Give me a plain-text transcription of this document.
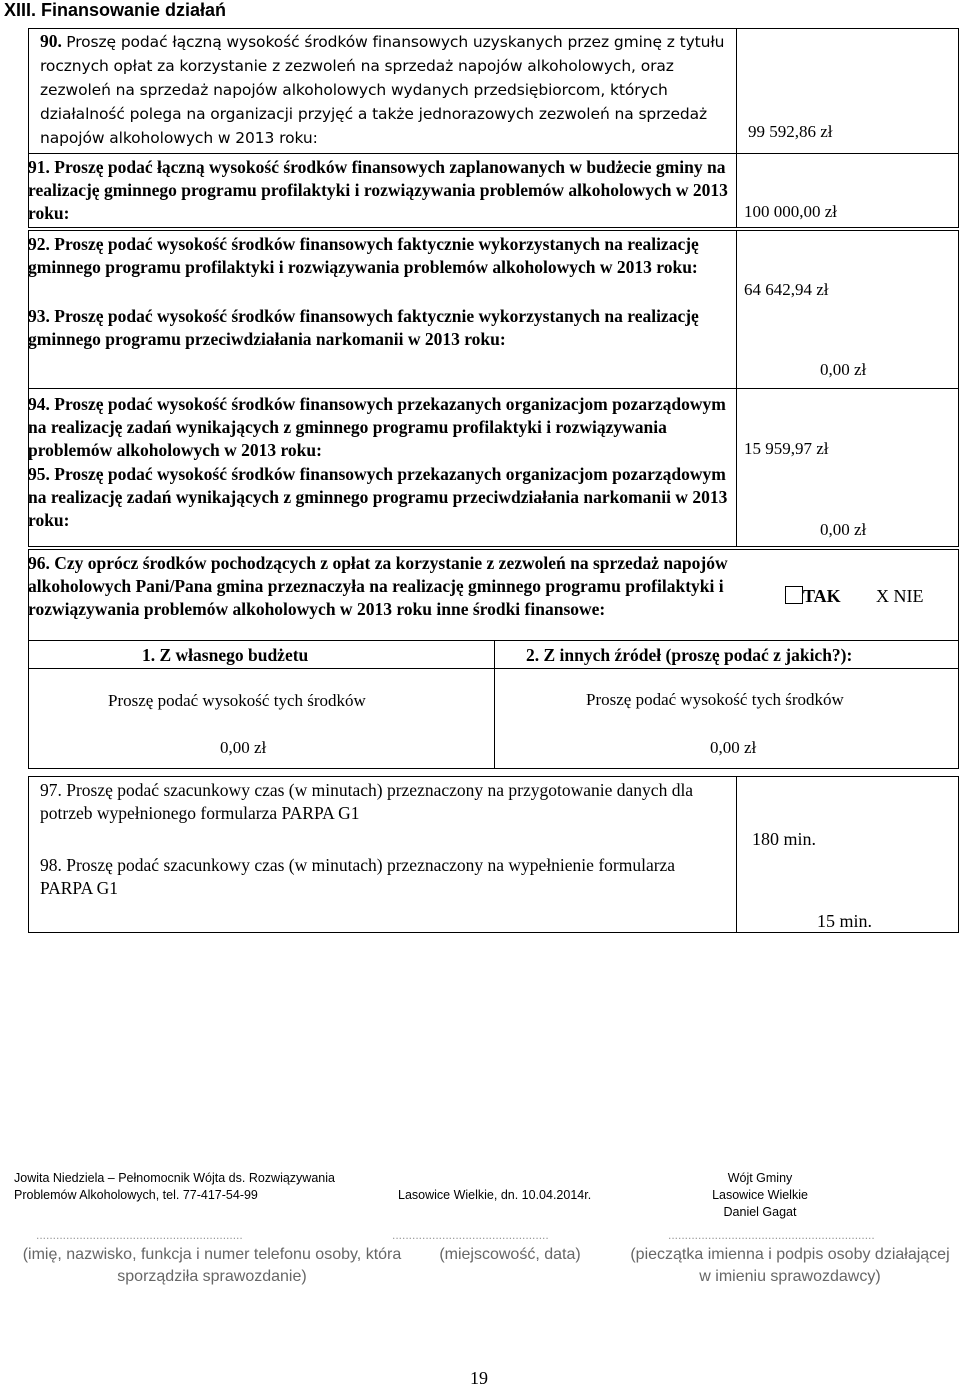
XIII. Finansowanie działań
90. Proszę podać łączną wysokość środków finansowych uzyskanych przez gminę z tytułu rocznych opłat za korzystanie z zezwoleń na sprzedaż napojów alkoholowych, oraz zezwoleń na sprzedaż napojów alkoholowych wydanych przedsiębiorcom, których działalność polega na organizacji przyjęć a także jednorazowych zezwoleń na sprzedaż napojów alkoholowych w 2013 roku:	99 592,86 zł
91. Proszę podać łączną wysokość środków finansowych zaplanowanych w budżecie gminy na realizację gminnego programu profilaktyki i rozwiązywania problemów alkoholowych w 2013 roku:	100 000,00 zł
92. Proszę podać wysokość środków finansowych faktycznie wykorzystanych na realizację gminnego programu profilaktyki i rozwiązywania problemów alkoholowych w 2013 roku:
64 642,94 zł
93. Proszę podać wysokość środków finansowych faktycznie wykorzystanych na realizację gminnego programu przeciwdziałania narkomanii w 2013 roku:
0,00 zł
94. Proszę podać wysokość środków finansowych przekazanych organizacjom pozarządowym na realizację zadań wynikających z gminnego programu profilaktyki i rozwiązywania problemów alkoholowych w 2013 roku:	15 959,97 zł
95. Proszę podać wysokość środków finansowych przekazanych organizacjom pozarządowym na realizację zadań wynikających z gminnego programu przeciwdziałania narkomanii w 2013 roku:	0,00 zł
96. Czy oprócz środków pochodzących z opłat za korzystanie z zezwoleń na sprzedaż napojów alkoholowych Pani/Pana gmina przeznaczyła na realizację gminnego programu profilaktyki i rozwiązywania problemów alkoholowych w 2013 roku inne środki finansowe:
TAK X NIE
1. Z własnego budżetu	2. Z innych źródeł (proszę podać z jakich?):
Proszę podać wysokość tych środków	Proszę podać wysokość tych środków
0,00 zł	0,00 zł
97. Proszę podać szacunkowy czas (w minutach) przeznaczony na przygotowanie danych dla potrzeb wypełnionego formularza PARPA G1
180 min.
98. Proszę podać szacunkowy czas (w minutach) przeznaczony na wypełnienie formularza PARPA G1
15 min.
Jowita Niedziela – Pełnomocnik Wójta ds. Rozwiązywania
Problemów Alkoholowych, tel. 77-417-54-99	Lasowice Wielkie, dn. 10.04.2014r.
Wójt Gminy
Lasowice Wielkie
Daniel Gagat
..............................................................	...............................................	..............................................................
(imię, nazwisko, funkcja i numer telefonu osoby, która sporządziła sprawozdanie)
(miejscowość, data)	(pieczątka imienna i podpis osoby działającej w imieniu sprawozdawcy)
19
